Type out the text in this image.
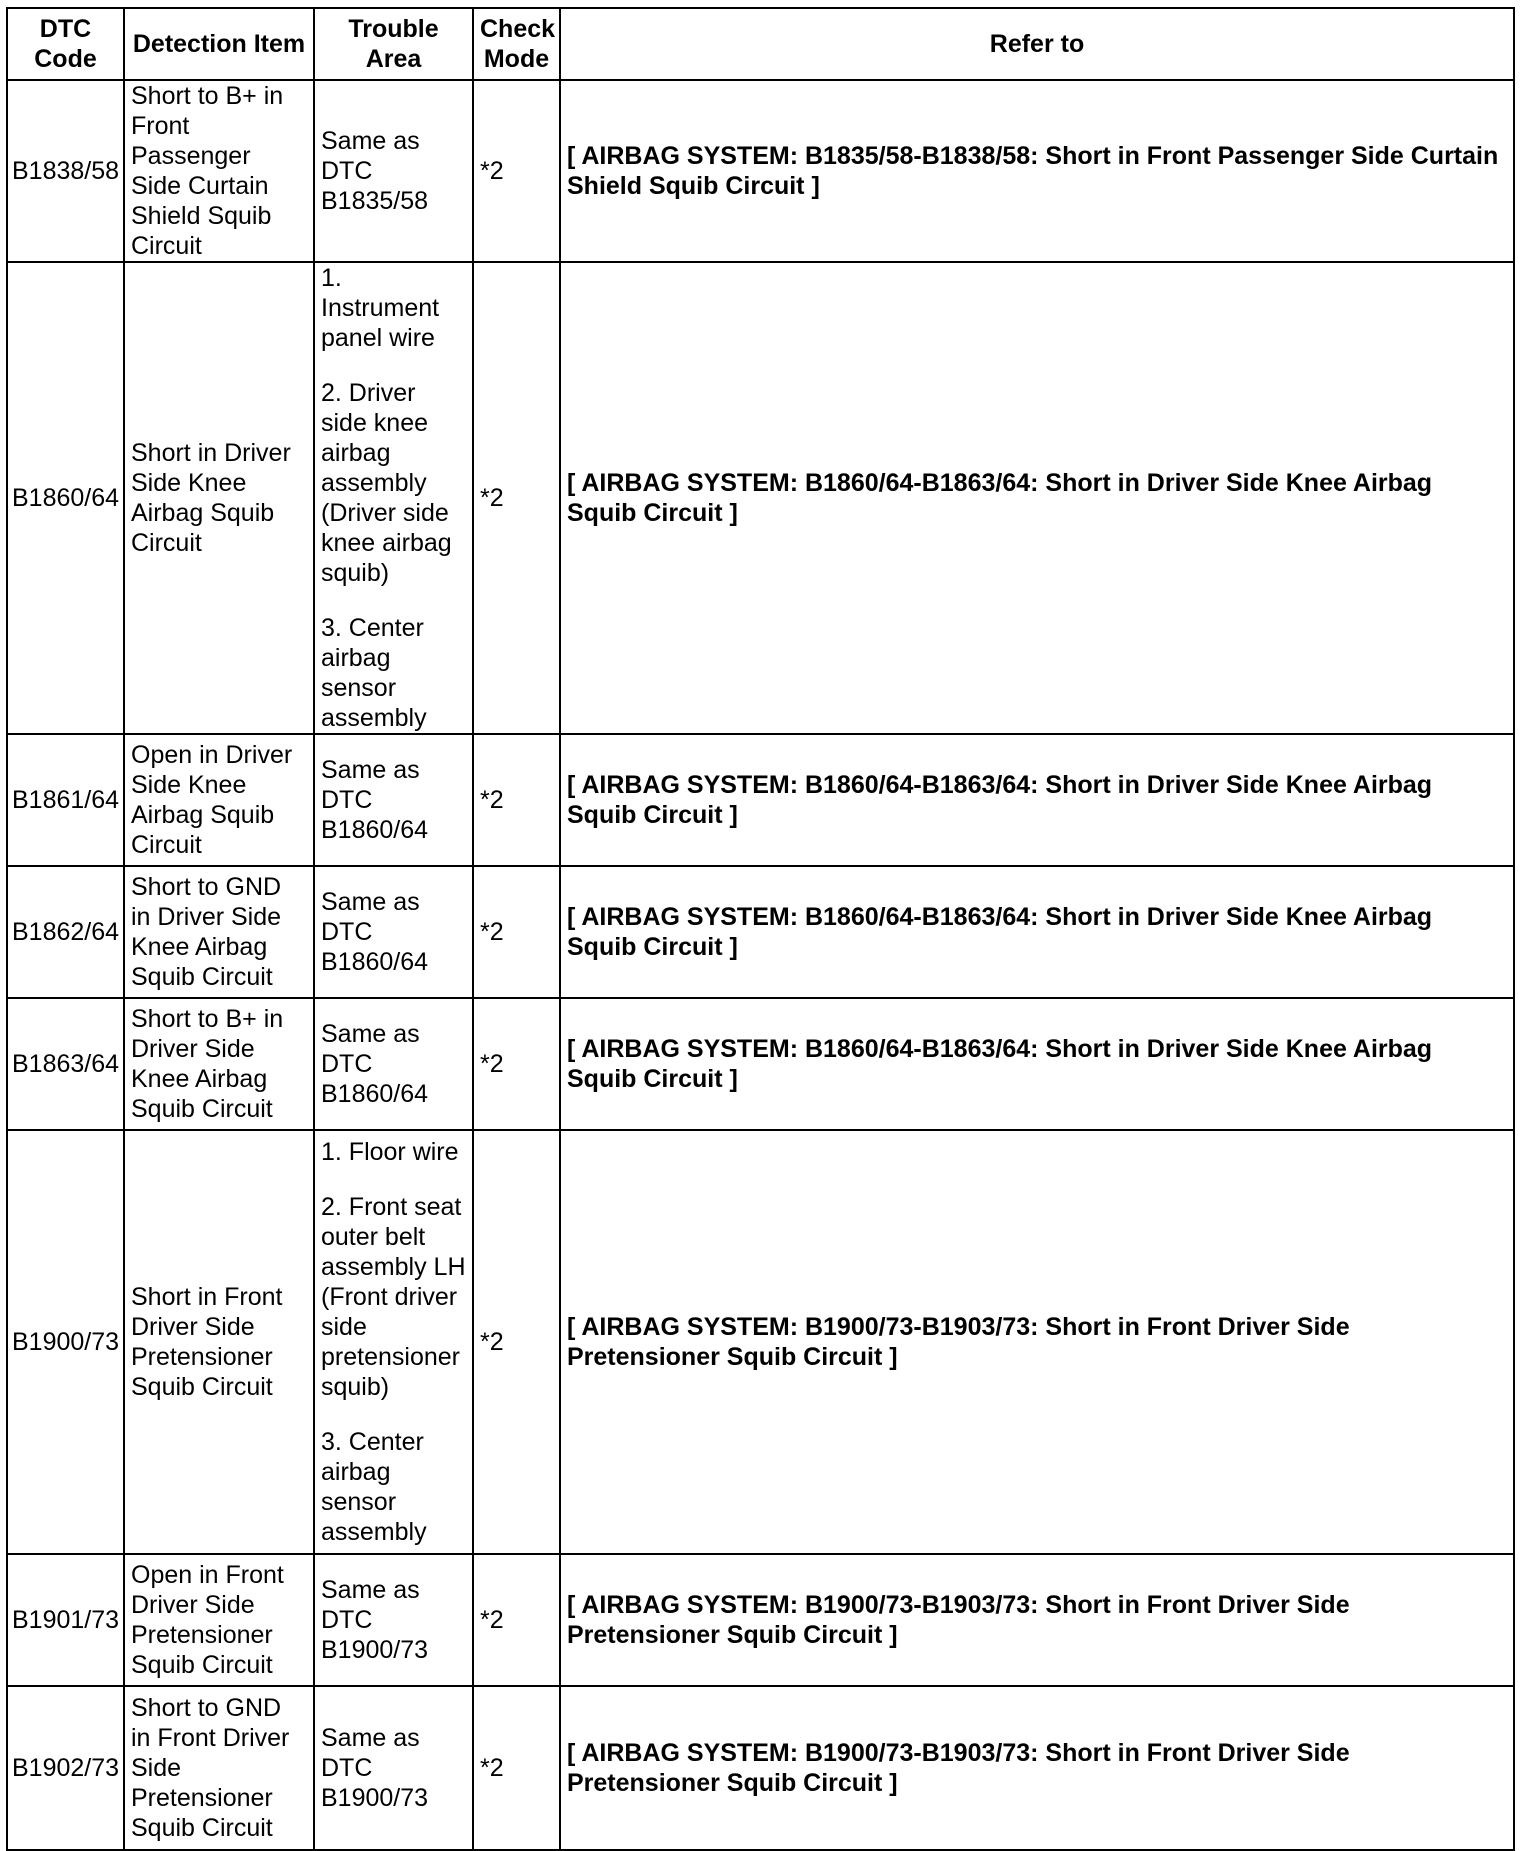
DTC Code	Detection Item	Trouble Area	Check Mode	Refer to
B1838/58	Short to B+ in Front Passenger Side Curtain Shield Squib Circuit	Same as DTC B1835/58	*2	[ AIRBAG SYSTEM: B1835/58-B1838/58: Short in Front Passenger Side Curtain Shield Squib Circuit ]
B1860/64	Short in Driver Side Knee Airbag Squib Circuit	1. Instrument panel wire
2. Driver side knee airbag assembly (Driver side knee airbag squib)
3. Center airbag sensor assembly	*2	[ AIRBAG SYSTEM: B1860/64-B1863/64: Short in Driver Side Knee Airbag Squib Circuit ]
B1861/64	Open in Driver Side Knee Airbag Squib Circuit	Same as DTC B1860/64	*2	[ AIRBAG SYSTEM: B1860/64-B1863/64: Short in Driver Side Knee Airbag Squib Circuit ]
B1862/64	Short to GND in Driver Side Knee Airbag Squib Circuit	Same as DTC B1860/64	*2	[ AIRBAG SYSTEM: B1860/64-B1863/64: Short in Driver Side Knee Airbag Squib Circuit ]
B1863/64	Short to B+ in Driver Side Knee Airbag Squib Circuit	Same as DTC B1860/64	*2	[ AIRBAG SYSTEM: B1860/64-B1863/64: Short in Driver Side Knee Airbag Squib Circuit ]
B1900/73	Short in Front Driver Side Pretensioner Squib Circuit	1. Floor wire
2. Front seat outer belt assembly LH (Front driver side pretensioner squib)
3. Center airbag sensor assembly	*2	[ AIRBAG SYSTEM: B1900/73-B1903/73: Short in Front Driver Side Pretensioner Squib Circuit ]
B1901/73	Open in Front Driver Side Pretensioner Squib Circuit	Same as DTC B1900/73	*2	[ AIRBAG SYSTEM: B1900/73-B1903/73: Short in Front Driver Side Pretensioner Squib Circuit ]
B1902/73	Short to GND in Front Driver Side Pretensioner Squib Circuit	Same as DTC B1900/73	*2	[ AIRBAG SYSTEM: B1900/73-B1903/73: Short in Front Driver Side Pretensioner Squib Circuit ]
